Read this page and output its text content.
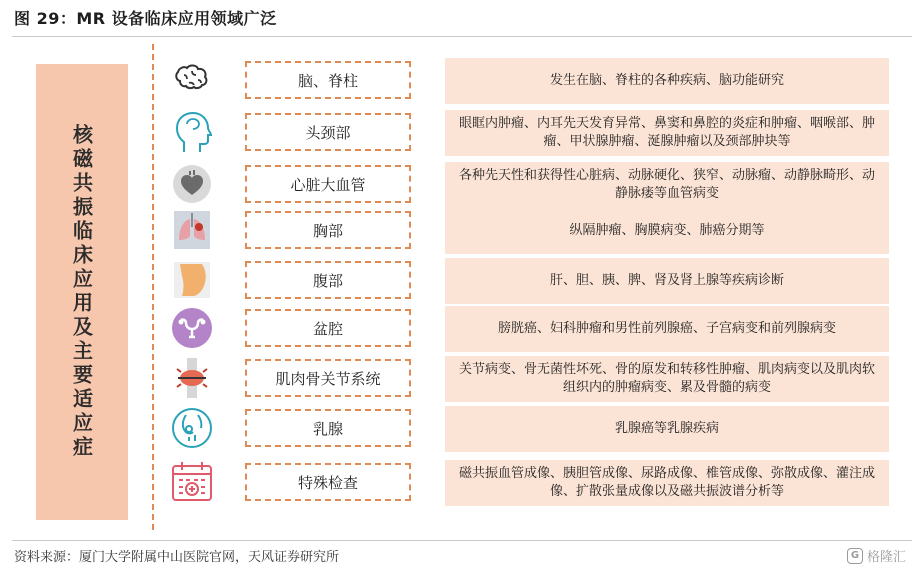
图 29：MR 设备临床应用领域广泛
核磁共振临床应用及主要适应症
脑、脊柱	发生在脑、脊柱的各种疾病、脑功能研究
头颈部	眼眶内肿瘤、内耳先天发育异常、鼻窦和鼻腔的炎症和肿瘤、咽喉部、肿瘤、甲状腺肿瘤、涎腺肿瘤以及颈部肿块等
心脏大血管	各种先天性和获得性心脏病、动脉硬化、狭窄、动脉瘤、动静脉畸形、动静脉瘘等血管病变
胸部	纵隔肿瘤、胸膜病变、肺癌分期等
腹部	肝、胆、胰、脾、肾及肾上腺等疾病诊断
盆腔	膀胱癌、妇科肿瘤和男性前列腺癌、子宫病变和前列腺病变
肌肉骨关节系统	关节病变、骨无菌性坏死、骨的原发和转移性肿瘤、肌肉病变以及肌肉软组织内的肿瘤病变、累及骨髓的病变
乳腺	乳腺癌等乳腺疾病
特殊检查	磁共振血管成像、胰胆管成像、尿路成像、椎管成像、弥散成像、灌注成像、扩散张量成像以及磁共振波谱分析等
资料来源：厦门大学附属中山医院官网，天风证券研究所	G 格隆汇
